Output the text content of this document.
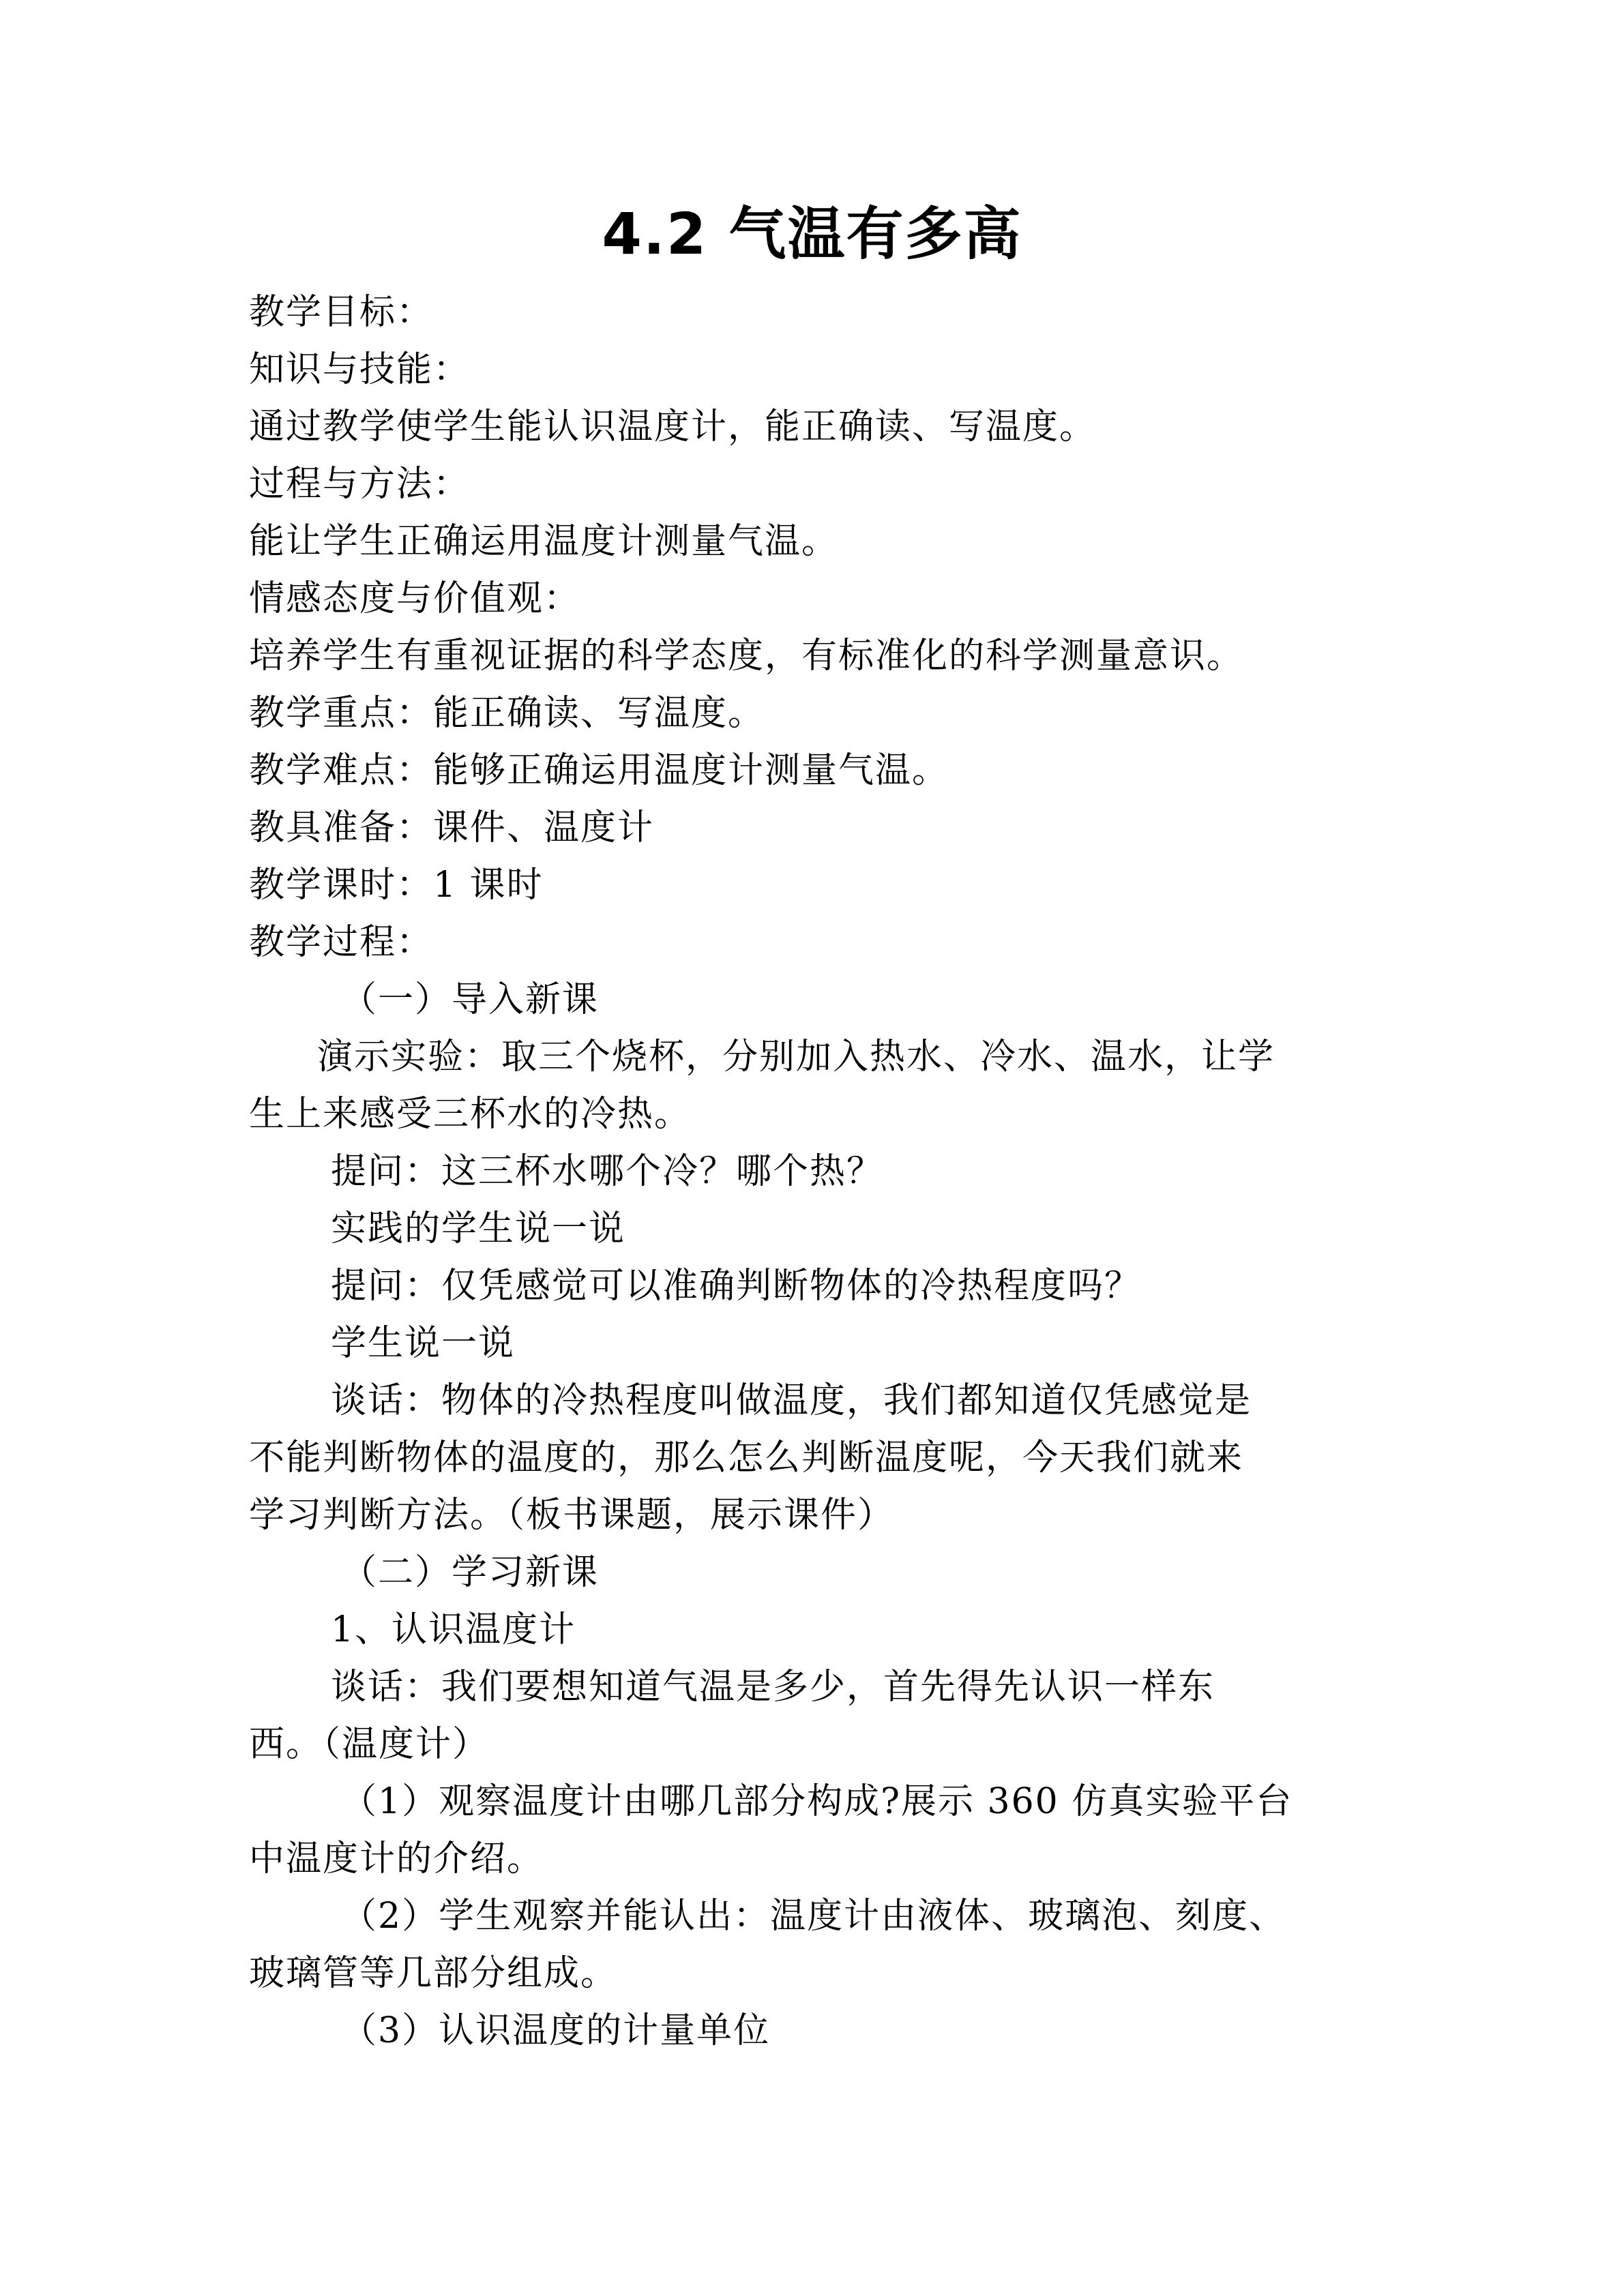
4.2 气温有多高

教学目标：

知识与技能：

通过教学使学生能认识温度计，能正确读、写温度。

过程与方法：

能让学生正确运用温度计测量气温。

情感态度与价值观：

培养学生有重视证据的科学态度，有标准化的科学测量意识。

教学重点：能正确读、写温度。

教学难点：能够正确运用温度计测量气温。

教具准备：课件、温度计

教学课时：1 课时

教学过程：

（一）导入新课

演示实验：取三个烧杯，分别加入热水、冷水、温水，让学

生上来感受三杯水的冷热。

提问：这三杯水哪个冷？哪个热？

实践的学生说一说

提问：仅凭感觉可以准确判断物体的冷热程度吗？

学生说一说

谈话：物体的冷热程度叫做温度，我们都知道仅凭感觉是

不能判断物体的温度的，那么怎么判断温度呢，今天我们就来

学习判断方法。（板书课题，展示课件）

（二）学习新课

1、认识温度计

谈话：我们要想知道气温是多少，首先得先认识一样东

西。（温度计）

（1）观察温度计由哪几部分构成?展示 360 仿真实验平台

中温度计的介绍。

（2）学生观察并能认出：温度计由液体、玻璃泡、刻度、

玻璃管等几部分组成。

（3）认识温度的计量单位
